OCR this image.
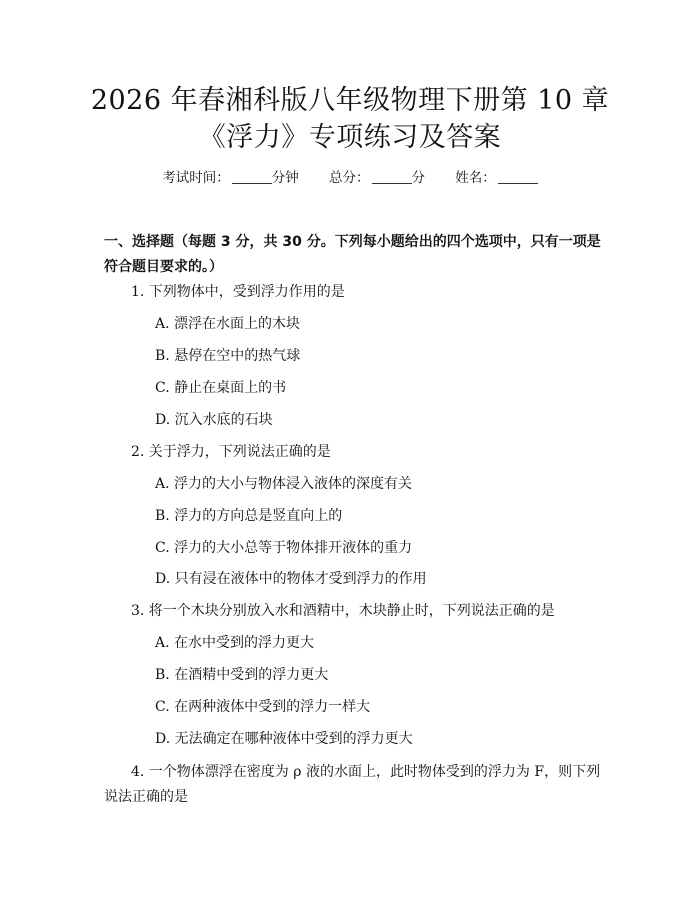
2026 年春湘科版八年级物理下册第 10 章
《浮力》专项练习及答案
考试时间：	分钟 总分：	分 姓名：
一、选择题（每题 3 分，共 30 分。下列每小题给出的四个选项中，只有一项是符合题目要求的。）
1. 下列物体中，受到浮力作用的是
A. 漂浮在水面上的木块
B. 悬停在空中的热气球
C. 静止在桌面上的书
D. 沉入水底的石块
2. 关于浮力，下列说法正确的是
A. 浮力的大小与物体浸入液体的深度有关
B. 浮力的方向总是竖直向上的
C. 浮力的大小总等于物体排开液体的重力
D. 只有浸在液体中的物体才受到浮力的作用
3. 将一个木块分别放入水和酒精中，木块静止时，下列说法正确的是
A. 在水中受到的浮力更大
B. 在酒精中受到的浮力更大
C. 在两种液体中受到的浮力一样大
D. 无法确定在哪种液体中受到的浮力更大
4. 一个物体漂浮在密度为 ρ 液的水面上，此时物体受到的浮力为 F，则下列说法正确的是
